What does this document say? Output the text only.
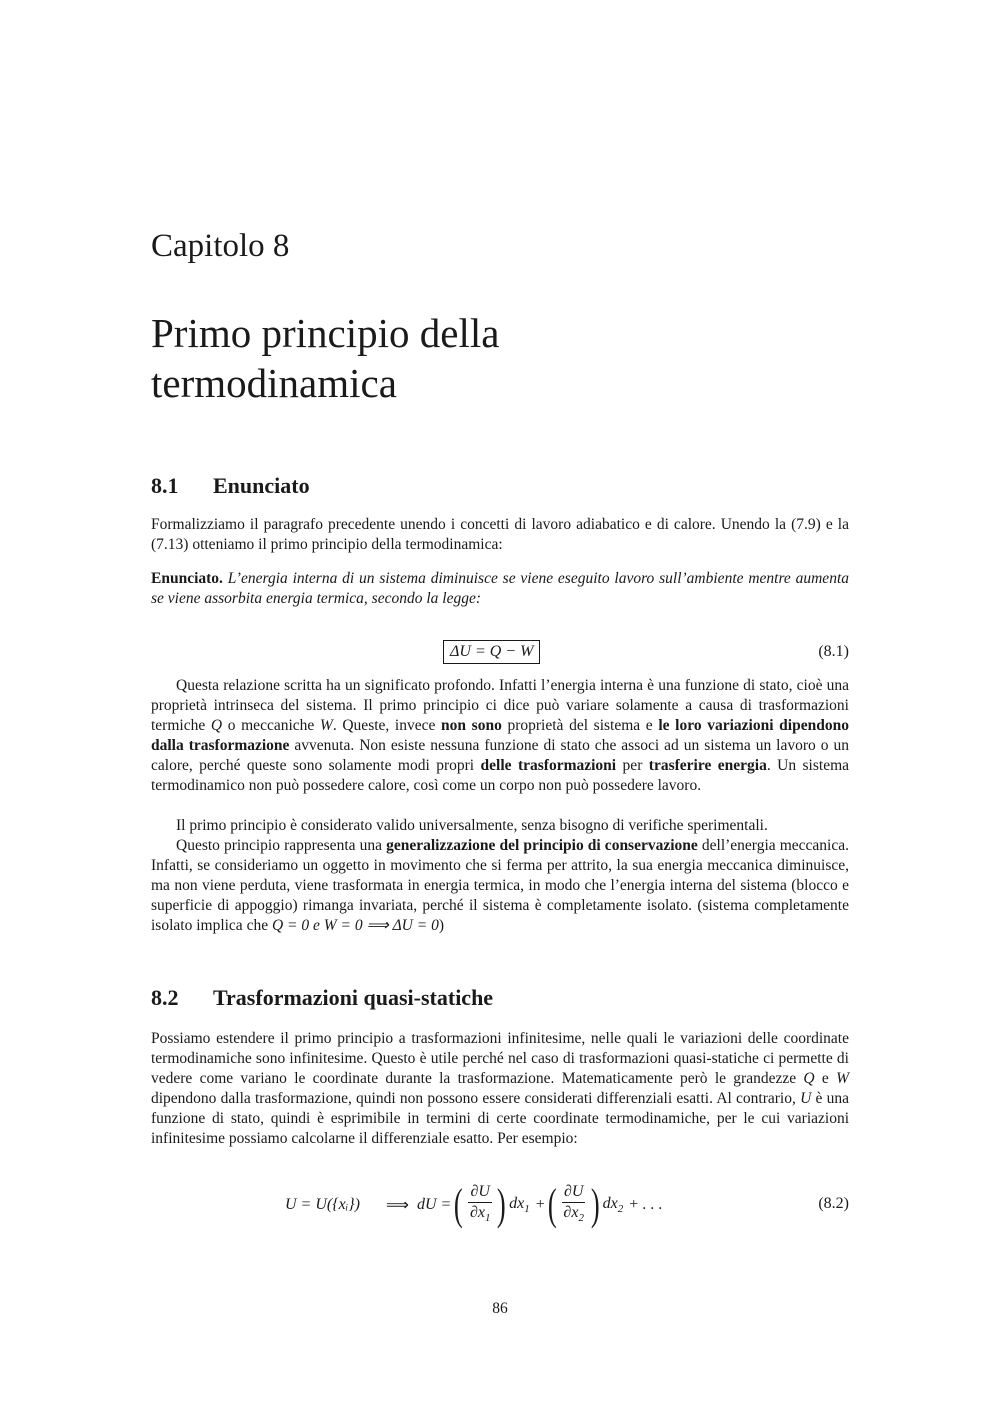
Capitolo 8
Primo principio della
termodinamica
8.1 Enunciato

Formalizziamo il paragrafo precedente unendo i concetti di lavoro adiabatico e di calore. Unendo la (7.9) e la (7.13) otteniamo il primo principio della termodinamica:

Enunciato. L’energia interna di un sistema diminuisce se viene eseguito lavoro sull’ambiente mentre aumenta se viene assorbita energia termica, secondo la legge:

ΔU = Q − W	(8.1)

Questa relazione scritta ha un significato profondo. Infatti l’energia interna è una funzione di stato, cioè una proprietà intrinseca del sistema. Il primo principio ci dice può variare solamente a causa di trasformazioni termiche Q o meccaniche W. Queste, invece non sono proprietà del sistema e le loro variazioni dipendono dalla trasformazione avvenuta. Non esiste nessuna funzione di stato che associ ad un sistema un lavoro o un calore, perché queste sono solamente modi propri delle trasformazioni per trasferire energia. Un sistema termodinamico non può possedere calore, così come un corpo non può possedere lavoro.

Il primo principio è considerato valido universalmente, senza bisogno di verifiche sperimentali.

Questo principio rappresenta una generalizzazione del principio di conservazione dell’energia meccanica. Infatti, se consideriamo un oggetto in movimento che si ferma per attrito, la sua energia meccanica diminuisce, ma non viene perduta, viene trasformata in energia termica, in modo che l’energia interna del sistema (blocco e superficie di appoggio) rimanga invariata, perché il sistema è completamente isolato. (sistema completamente isolato implica che Q = 0 e W = 0 ⟹ ΔU = 0)

8.2 Trasformazioni quasi-statiche

Possiamo estendere il primo principio a trasformazioni infinitesime, nelle quali le variazioni delle coordinate termodinamiche sono infinitesime. Questo è utile perché nel caso di trasformazioni quasi-statiche ci permette di vedere come variano le coordinate durante la trasformazione. Matematicamente però le grandezze Q e W dipendono dalla trasformazione, quindi non possono essere considerati differenziali esatti. Al contrario, U è una funzione di stato, quindi è esprimibile in termini di certe coordinate termodinamiche, per le cui variazioni infinitesime possiamo calcolarne il differenziale esatto. Per esempio:

U = U({xᵢ}) ⟹ dU = ( $\frac{\partial U}{\partial x_1}$ ) $dx_1$ + ( $\frac{\partial U}{\partial x_2}$ ) $dx_2$ + . . .	(8.2)
86
